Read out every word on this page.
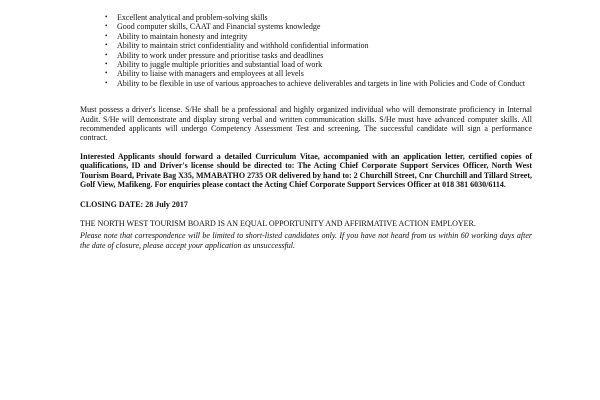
• Excellent analytical and problem-solving skills
• Good computer skills, CAAT and Financial systems knowledge
• Ability to maintain honesty and integrity
• Ability to maintain strict confidentiality and withhold confidential information
• Ability to work under pressure and prioritise tasks and deadlines
• Ability to juggle multiple priorities and substantial load of work
• Ability to liaise with managers and employees at all levels
• Ability to be flexible in use of various approaches to achieve deliverables and targets in line with Policies and Code of Conduct

Must possess a driver's license. S/He shall be a professional and highly organized individual who will demonstrate proficiency in Internal Audit. S/He will demonstrate and display strong verbal and written communication skills. S/He must have advanced computer skills. All recommended applicants will undergo Competency Assessment Test and screening. The successful candidate will sign a performance contract.

Interested Applicants should forward a detailed Curriculum Vitae, accompanied with an application letter, certified copies of qualifications, ID and Driver's license should be directed to: The Acting Chief Corporate Support Services Officer, North West Tourism Board, Private Bag X35, MMABATHO 2735 OR delivered by hand to: 2 Churchill Street, Cnr Churchill and Tillard Street, Golf View, Mafikeng. For enquiries please contact the Acting Chief Corporate Support Services Officer at 018 381 6030/6114.

CLOSING DATE: 28 July 2017

THE NORTH WEST TOURISM BOARD IS AN EQUAL OPPORTUNITY AND AFFIRMATIVE ACTION EMPLOYER.

Please note that correspondence will be limited to short-listed candidates only. If you have not heard from us within 60 working days after the date of closure, please accept your application as unsuccessful.
